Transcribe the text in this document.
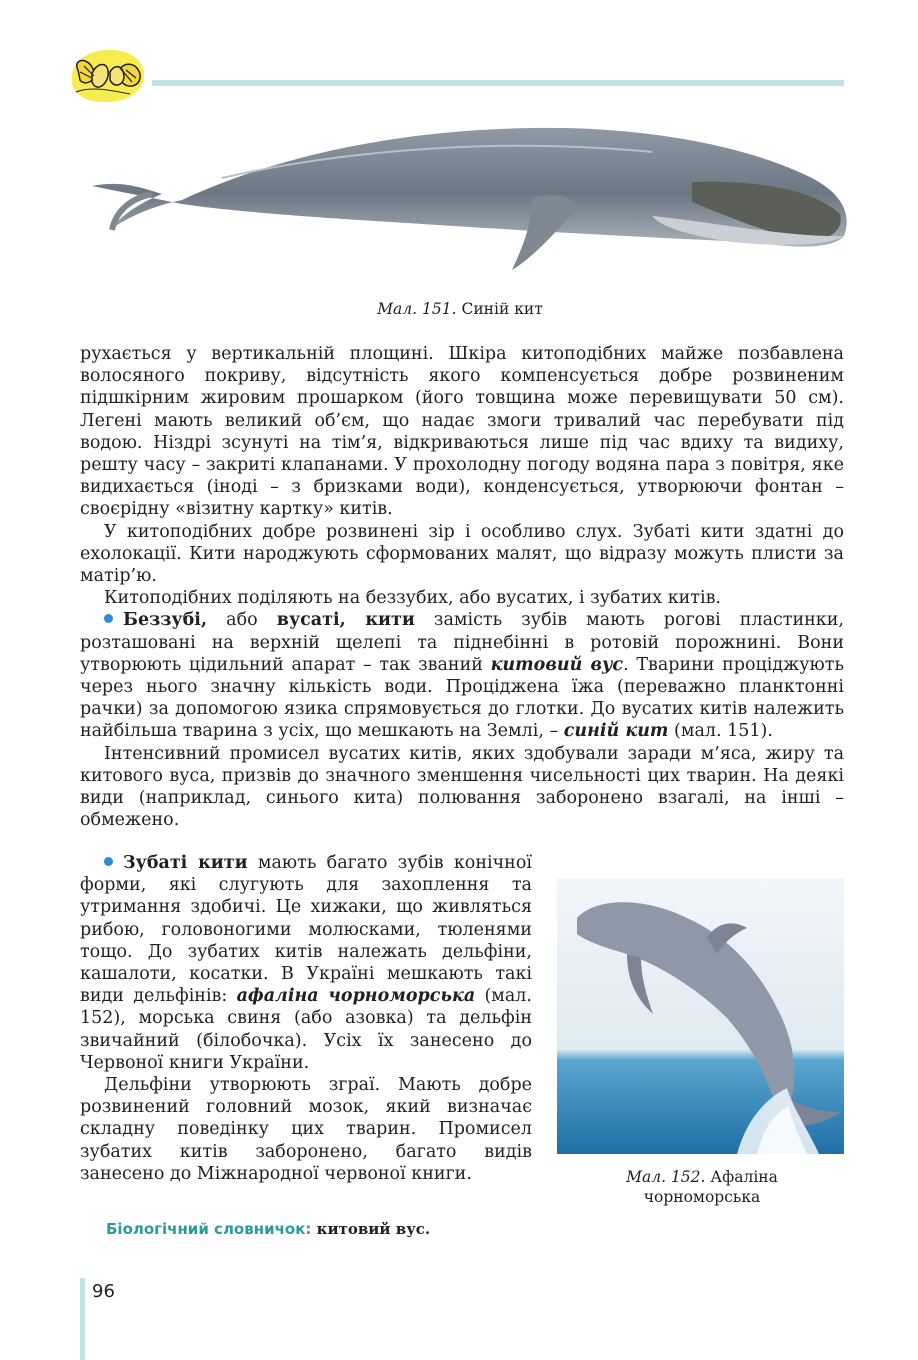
Мал. 151. Синій кит

рухається у вертикальній площині. Шкіра китоподібних майже позбавлена волосяного покриву, відсутність якого компенсується добре розвиненим підшкірним жировим прошарком (його товщина може перевищувати 50 см). Легені мають великий об’єм, що надає змоги тривалий час перебувати під водою. Ніздрі зсунуті на тім’я, відкриваються лише під час вдиху та видиху, решту часу – закриті клапанами. У прохолодну погоду водяна пара з повітря, яке видихається (іноді – з бризками води), конденсується, утворюючи фонтан – своєрідну «візитну картку» китів.

У китоподібних добре розвинені зір і особливо слух. Зубаті кити здатні до ехолокації. Кити народжують сформованих малят, що відразу можуть плисти за матір’ю.

Китоподібних поділяють на беззубих, або вусатих, і зубатих китів.

Беззубі, або вусаті, кити замість зубів мають рогові пластинки, розташовані на верхній щелепі та піднебінні в ротовій порожнині. Вони утворюють цідильний апарат – так званий китовий вус. Тварини проціджують через нього значну кількість води. Проціджена їжа (переважно планктонні рачки) за допомогою язика спрямовується до глотки. До вусатих китів належить найбільша тварина з усіх, що мешкають на Землі, – синій кит (мал. 151).

Інтенсивний промисел вусатих китів, яких здобували заради м’яса, жиру та китового вуса, призвів до значного зменшення чисельності цих тварин. На деякі види (наприклад, синього кита) полювання заборонено взагалі, на інші – обмежено.

Зубаті кити мають багато зубів конічної форми, які слугують для захоплення та утримання здобичі. Це хижаки, що живляться рибою, головоногими молюсками, тюленями тощо. До зубатих китів належать дельфіни, кашалоти, косатки. В Україні мешкають такі види дельфінів: афаліна чорноморська (мал. 152), морська свиня (або азовка) та дельфін звичайний (білобочка). Усіх їх занесено до Червоної книги України.

Дельфіни утворюють зграї. Мають добре розвинений головний мозок, який визначає складну поведінку цих тварин. Промисел зубатих китів заборонено, багато видів занесено до Міжнародної червоної книги.	Мал. 152. Афаліна
чорноморська
Біологічний словничок: китовий вус.
96
